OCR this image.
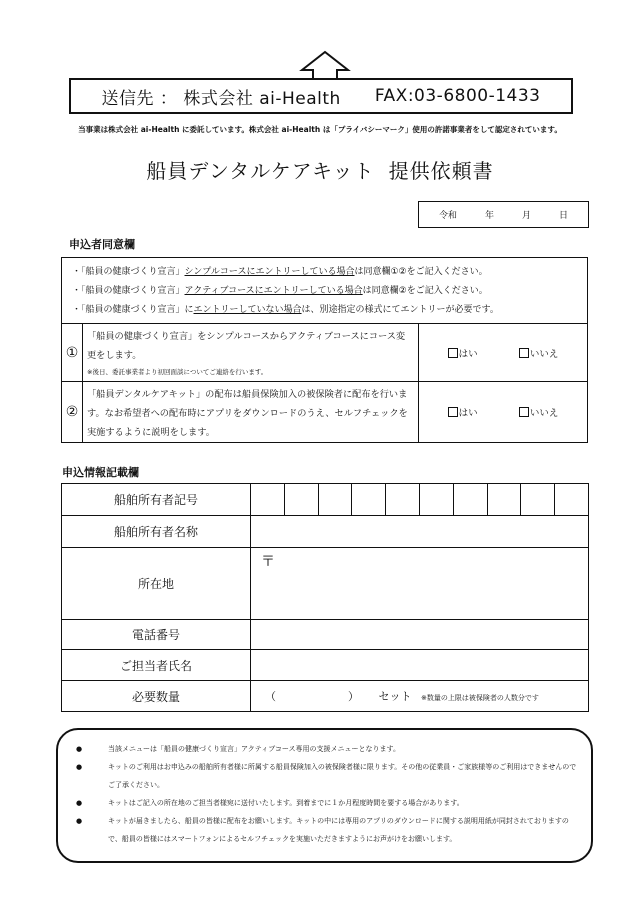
送信先 ： 株式会社 ai-Health FAX:03-6800-1433
当事業は株式会社 ai-Health に委託しています。株式会社 ai-Health は「プライバシーマーク」使用の許諾事業者をして認定されています。
船員デンタルケアキット 提供依頼書
令和	年	月	日
申込者同意欄
・「船員の健康づくり宣言」シンプルコースにエントリーしている場合は同意欄①②をご記入ください。
・「船員の健康づくり宣言」アクティブコースにエントリーしている場合は同意欄②をご記入ください。
・「船員の健康づくり宣言」にエントリーしていない場合は、別途指定の様式にてエントリーが必要です。
①
「船員の健康づくり宣言」をシンプルコースからアクティブコースにコース変更をします。
※後日、委託事業者より初回面談についてご連絡を行います。
はい	いいえ
②
「船員デンタルケアキット」の配布は船員保険加入の被保険者に配布を行います。なお希望者への配布時にアプリをダウンロードのうえ、セルフチェックを実施するように説明をします。
はい	いいえ
申込情報記載欄
船舶所有者記号	

船舶所有者名称	
所在地	〒

電話番号	
ご担当者氏名	
必要数量	（ ） セット ※数量の上限は被保険者の人数分です
●	当該メニューは「船員の健康づくり宣言」アクティブコース専用の支援メニューとなります。
●	キットのご利用はお申込みの船舶所有者様に所属する船員保険加入の被保険者様に限ります。その他の従業員・ご家族様等のご利用はできませんのでご了承ください。
●	キットはご記入の所在地のご担当者様宛に送付いたします。到着までに１か月程度時間を要する場合があります。
●	キットが届きましたら、船員の皆様に配布をお願いします。キットの中には専用のアプリのダウンロードに関する説明用紙が同封されておりますので、船員の皆様にはスマートフォンによるセルフチェックを実施いただきますようにお声がけをお願いします。
